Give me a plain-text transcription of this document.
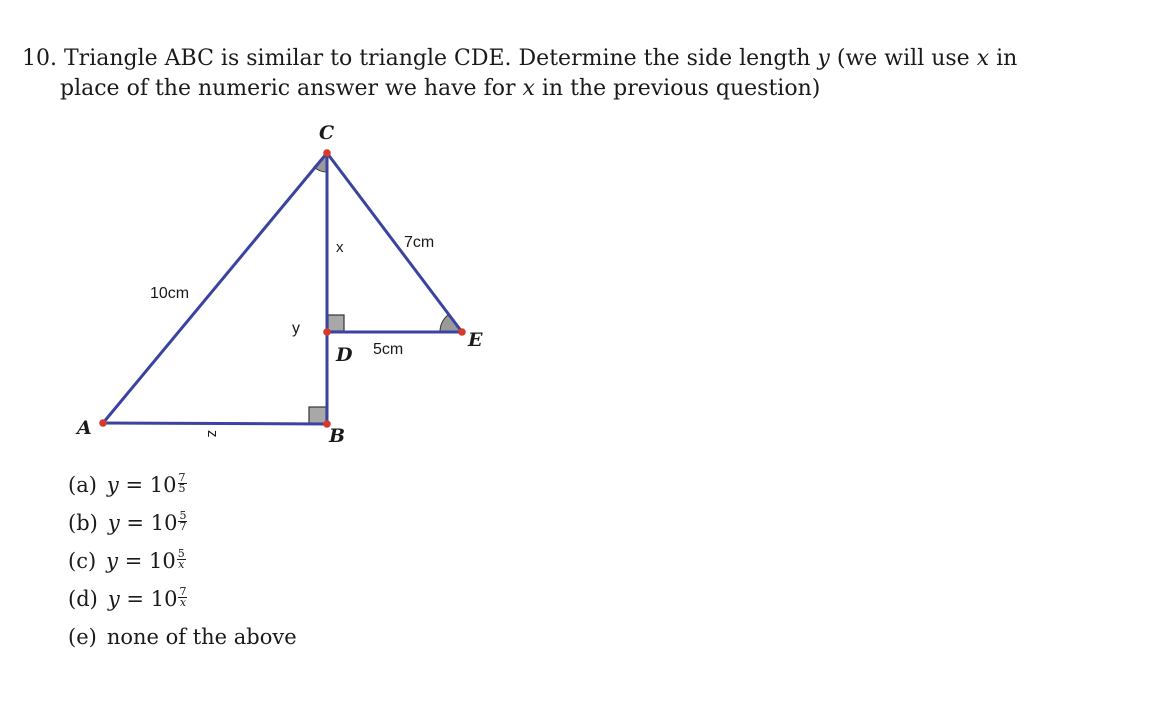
10. Triangle ABC is similar to triangle CDE. Determine the side length y (we will use x in
place of the numeric answer we have for x in the previous question)
C
A	B
D
E
10cm
7cm
5cm
x
y
z
(a) y
=
$10 \frac{7}{5}$
(b) y
=
$10 \frac{5}{7}$
(c) y
=
$10 \frac{5}{x}$
(d) y
=
$10 \frac{7}{x}$
(e) none of the above
